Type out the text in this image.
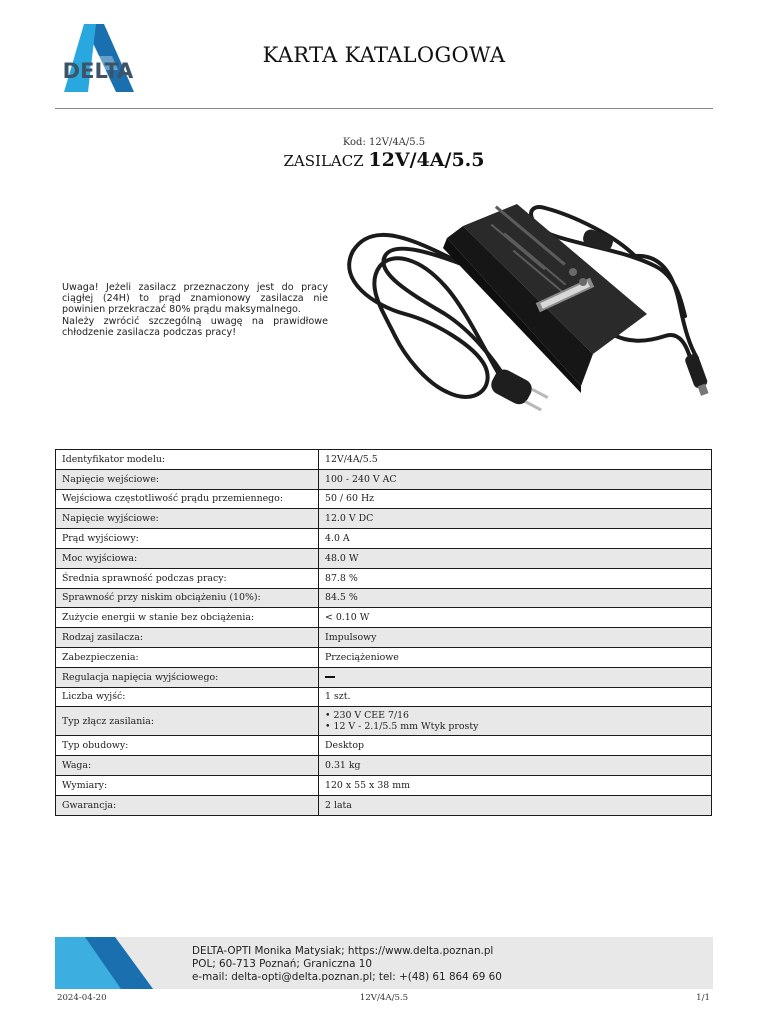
DELTA
KARTA KATALOGOWA
Kod: 12V/4A/5.5
ZASILACZ 12V/4A/5.5

Uwaga! Jeżeli zasilacz przeznaczony jest do pracy ciągłej (24H) to prąd znamionowy zasilacza nie powinien przekraczać 80% prądu maksymalnego.

Należy zwrócić szczególną uwagę na prawidłowe chłodzenie zasilacza podczas pracy!

Identyfikator modelu:	12V/4A/5.5
Napięcie wejściowe:	100 - 240 V AC
Wejściowa częstotliwość prądu przemiennego:	50 / 60 Hz
Napięcie wyjściowe:	12.0 V DC
Prąd wyjściowy:	4.0 A
Moc wyjściowa:	48.0 W
Średnia sprawność podczas pracy:	87.8 %
Sprawność przy niskim obciążeniu (10%):	84.5 %
Zużycie energii w stanie bez obciążenia:	< 0.10 W
Rodzaj zasilacza:	Impulsowy
Zabezpieczenia:	Przeciążeniowe
Regulacja napięcia wyjściowego:	
Liczba wyjść:	1 szt.
Typ złącz zasilania:	• 230 V CEE 7/16
• 12 V - 2.1/5.5 mm Wtyk prosty

Typ obudowy:	Desktop
Waga:	0.31 kg
Wymiary:	120 x 55 x 38 mm
Gwarancja:	2 lata
DELTA-OPTI Monika Matysiak; https://www.delta.poznan.pl
POL; 60-713 Poznań; Graniczna 10
e-mail: delta-opti@delta.poznan.pl; tel: +(48) 61 864 69 60
2024-04-20	12V/4A/5.5	1/1
